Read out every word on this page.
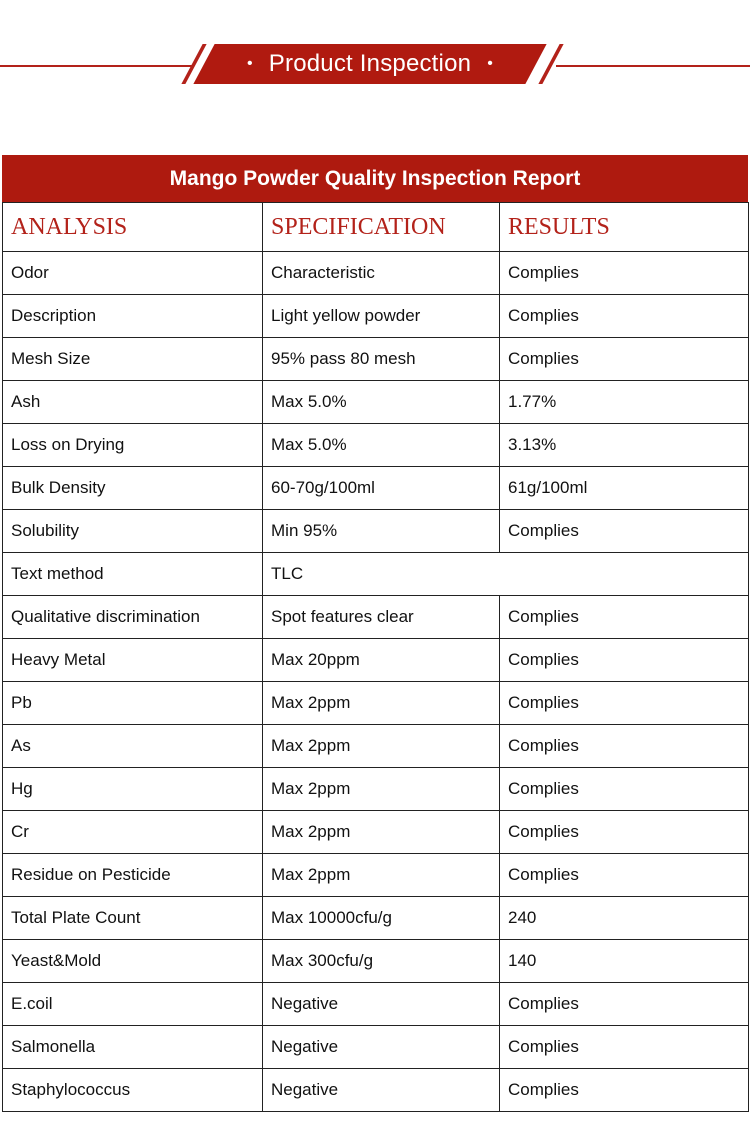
• Product Inspection •
Mango Powder Quality Inspection Report
ANALYSIS	SPECIFICATION	RESULTS
Odor	Characteristic	Complies
Description	Light yellow powder	Complies
Mesh Size	95% pass 80 mesh	Complies
Ash	Max 5.0%	1.77%
Loss on Drying	Max 5.0%	3.13%
Bulk Density	60-70g/100ml	61g/100ml
Solubility	Min 95%	Complies
Text method	TLC	
Qualitative discrimination	Spot features clear	Complies
Heavy Metal	Max 20ppm	Complies
Pb	Max 2ppm	Complies
As	Max 2ppm	Complies
Hg	Max 2ppm	Complies
Cr	Max 2ppm	Complies
Residue on Pesticide	Max 2ppm	Complies
Total Plate Count	Max 10000cfu/g	240
Yeast&Mold	Max 300cfu/g	140
E.coil	Negative	Complies
Salmonella	Negative	Complies
Staphylococcus	Negative	Complies
